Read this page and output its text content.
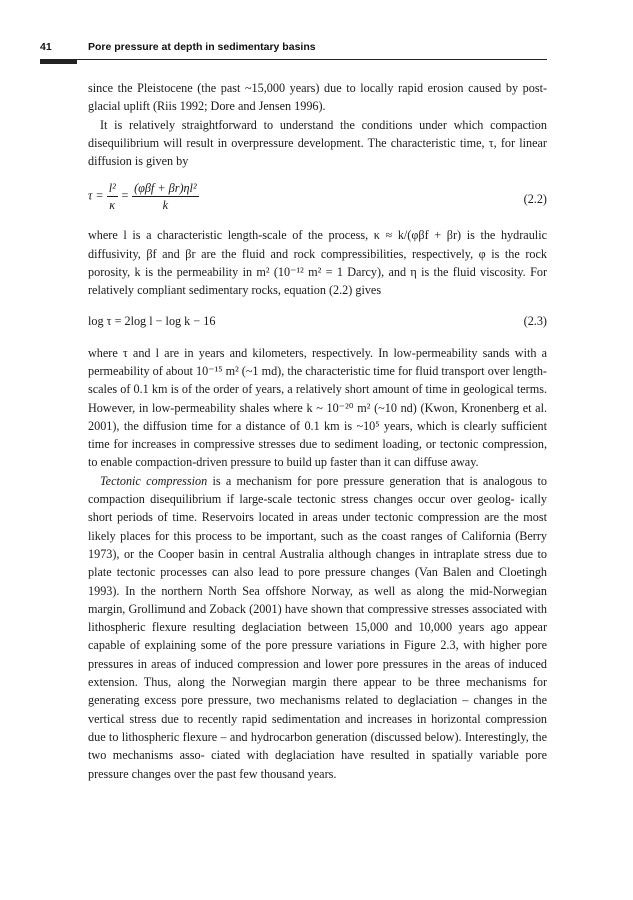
41	Pore pressure at depth in sedimentary basins

since the Pleistocene (the past ~15,000 years) due to locally rapid erosion caused by post-glacial uplift (Riis 1992; Dore and Jensen 1996).

It is relatively straightforward to understand the conditions under which compaction disequilibrium will result in overpressure development. The characteristic time, τ, for linear diffusion is given by

$\tau = \frac{\text{l²}}{\kappa} = \frac{\text{(φβf + βr)ηl²}}{k}$	(2.2)

where l is a characteristic length-scale of the process, κ ≈ k/(φβf + βr) is the hydraulic diffusivity, βf and βr are the fluid and rock compressibilities, respectively, φ is the rock porosity, k is the permeability in m² (10⁻¹² m² = 1 Darcy), and η is the fluid viscosity. For relatively compliant sedimentary rocks, equation (2.2) gives

log τ = 2log l − log k − 16	(2.3)

where τ and l are in years and kilometers, respectively. In low-permeability sands with a permeability of about 10⁻¹⁵ m² (~1 md), the characteristic time for fluid transport over length-scales of 0.1 km is of the order of years, a relatively short amount of time in geological terms. However, in low-permeability shales where k ~ 10⁻²⁰ m² (~10 nd) (Kwon, Kronenberg et al. 2001), the diffusion time for a distance of 0.1 km is ~10⁵ years, which is clearly sufficient time for increases in compressive stresses due to sediment loading, or tectonic compression, to enable compaction-driven pressure to build up faster than it can diffuse away.

Tectonic compression is a mechanism for pore pressure generation that is analogous to compaction disequilibrium if large-scale tectonic stress changes occur over geolog- ically short periods of time. Reservoirs located in areas under tectonic compression are the most likely places for this process to be important, such as the coast ranges of California (Berry 1973), or the Cooper basin in central Australia although changes in intraplate stress due to plate tectonic processes can also lead to pore pressure changes (Van Balen and Cloetingh 1993). In the northern North Sea offshore Norway, as well as along the mid-Norwegian margin, Grollimund and Zoback (2001) have shown that compressive stresses associated with lithospheric flexure resulting deglaciation between 15,000 and 10,000 years ago appear capable of explaining some of the pore pressure variations in Figure 2.3, with higher pore pressures in areas of induced compression and lower pore pressures in the areas of induced extension. Thus, along the Norwegian margin there appear to be three mechanisms for generating excess pore pressure, two mechanisms related to deglaciation – changes in the vertical stress due to recently rapid sedimentation and increases in horizontal compression due to lithospheric flexure – and hydrocarbon generation (discussed below). Interestingly, the two mechanisms asso- ciated with deglaciation have resulted in spatially variable pore pressure changes over the past few thousand years.
